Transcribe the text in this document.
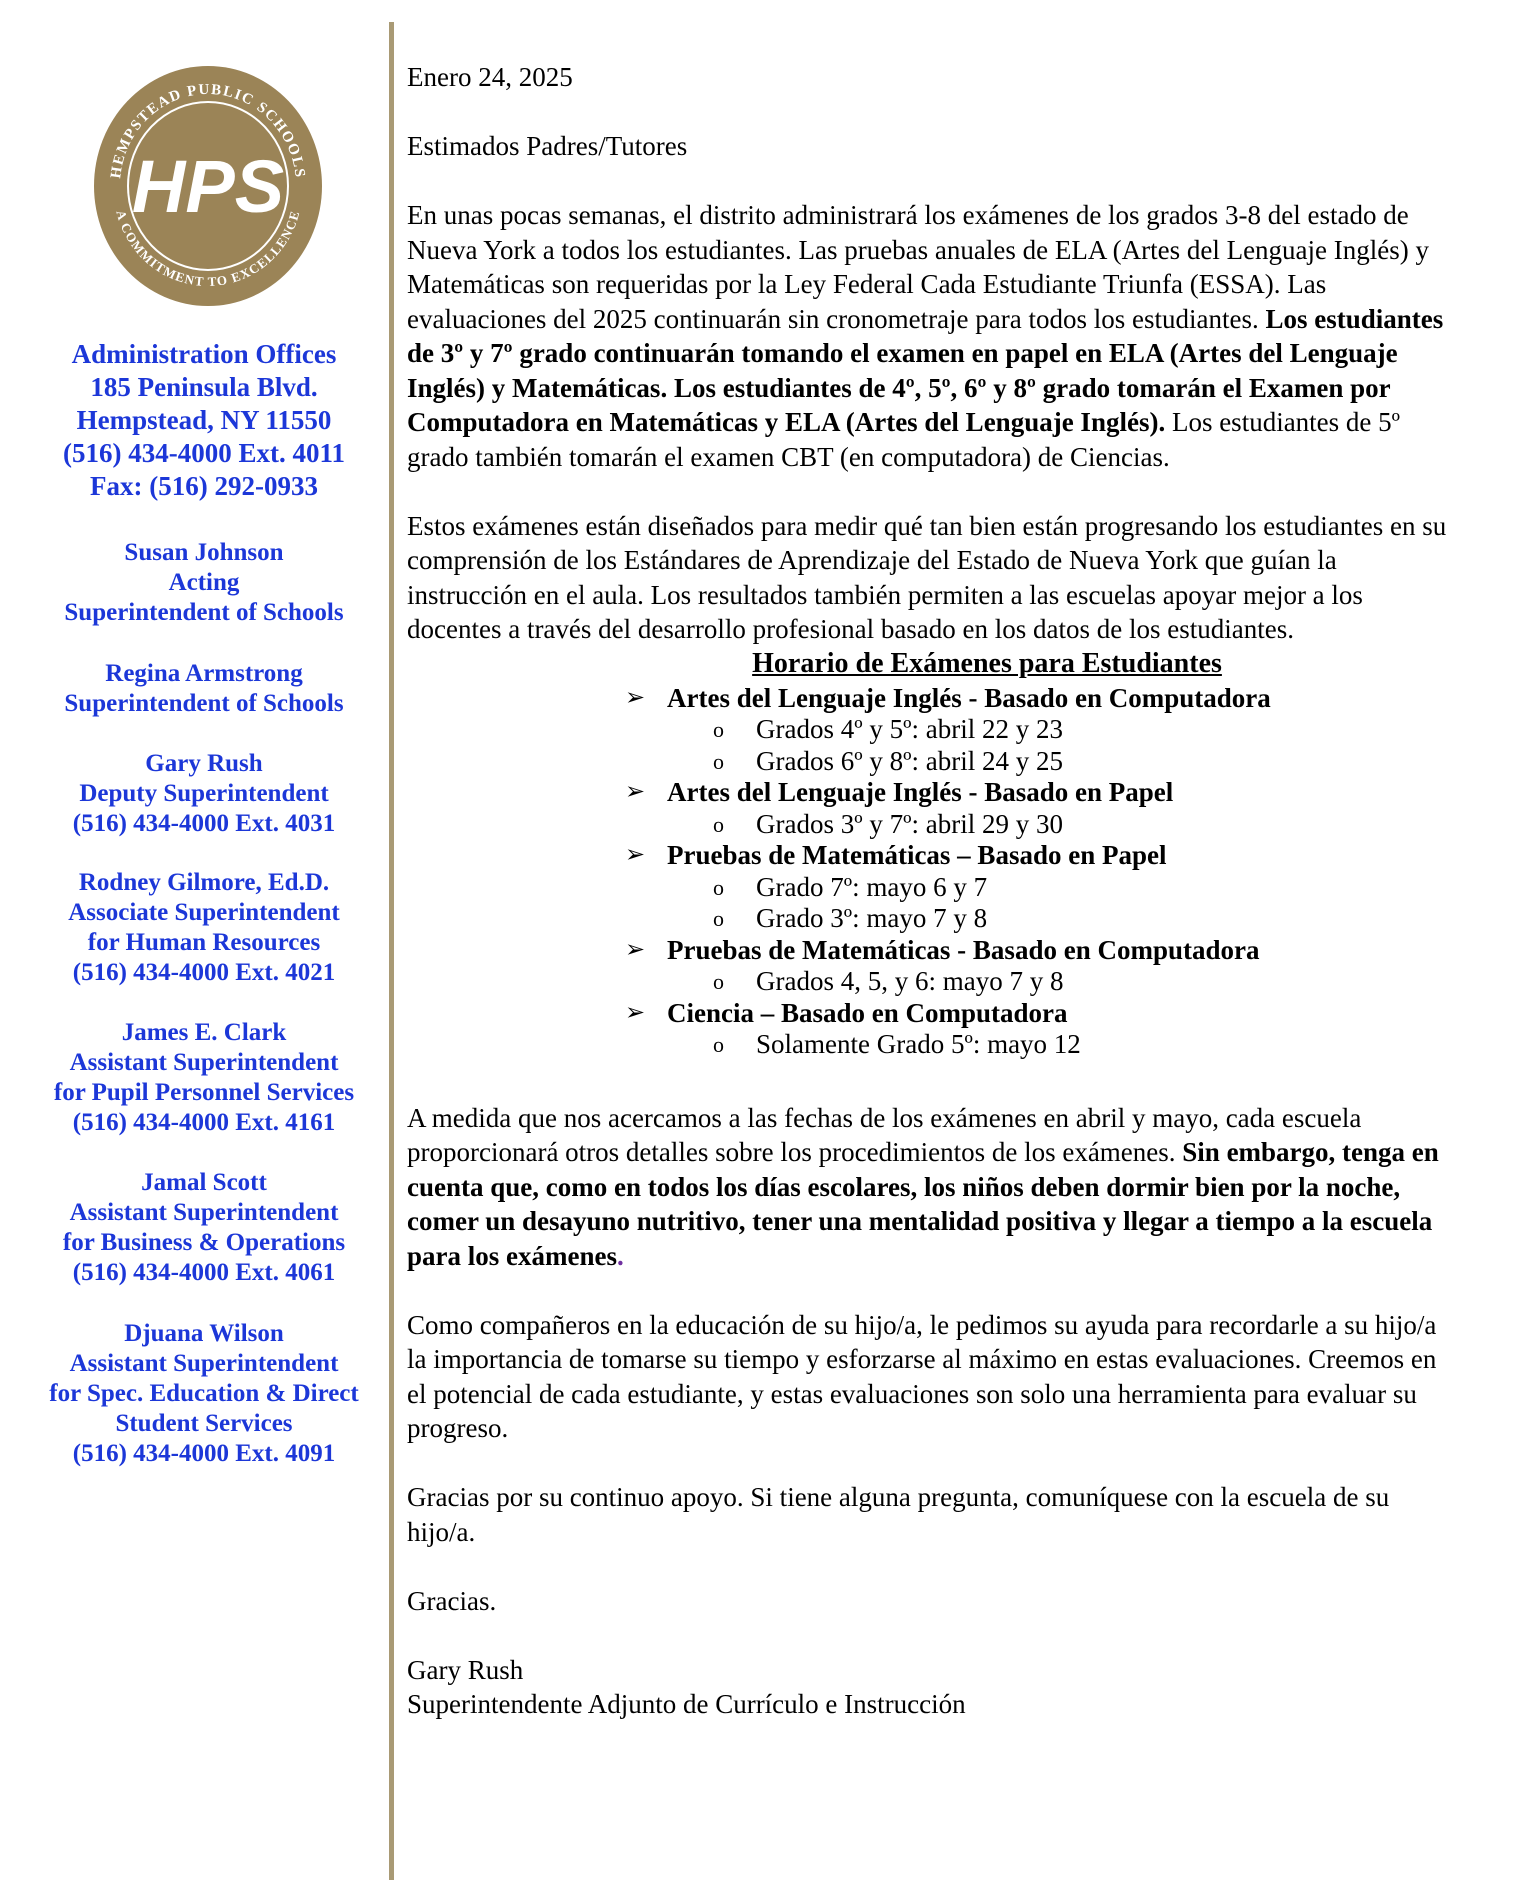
HEMPSTEAD PUBLIC SCHOOLS
A COMMITMENT TO EXCELLENCE
HPS
Administration Offices
185 Peninsula Blvd.
Hempstead, NY 11550
(516) 434-4000 Ext. 4011
Fax: (516) 292-0933
Susan Johnson
Acting
Superintendent of Schools
Regina Armstrong
Superintendent of Schools
Gary Rush
Deputy Superintendent
(516) 434-4000 Ext. 4031
Rodney Gilmore, Ed.D.
Associate Superintendent
for Human Resources
(516) 434-4000 Ext. 4021
James E. Clark
Assistant Superintendent
for Pupil Personnel Services
(516) 434-4000 Ext. 4161
Jamal Scott
Assistant Superintendent
for Business & Operations
(516) 434-4000 Ext. 4061
Djuana Wilson
Assistant Superintendent
for Spec. Education & Direct
Student Services
(516) 434-4000 Ext. 4091

Enero 24, 2025

Estimados Padres/Tutores

En unas pocas semanas, el distrito administrará los exámenes de los grados 3-8 del estado de Nueva York a todos los estudiantes. Las pruebas anuales de ELA (Artes del Lenguaje Inglés) y Matemáticas son requeridas por la Ley Federal Cada Estudiante Triunfa (ESSA). Las evaluaciones del 2025 continuarán sin cronometraje para todos los estudiantes. Los estudiantes de 3º y 7º grado continuarán tomando el examen en papel en ELA (Artes del Lenguaje Inglés) y Matemáticas. Los estudiantes de 4º, 5º, 6º y 8º grado tomarán el Examen por Computadora en Matemáticas y ELA (Artes del Lenguaje Inglés). Los estudiantes de 5º grado también tomarán el examen CBT (en computadora) de Ciencias.

Estos exámenes están diseñados para medir qué tan bien están progresando los estudiantes en su comprensión de los Estándares de Aprendizaje del Estado de Nueva York que guían la instrucción en el aula. Los resultados también permiten a las escuelas apoyar mejor a los docentes a través del desarrollo profesional basado en los datos de los estudiantes.

Horario de Exámenes para Estudiantes
➢ Artes del Lenguaje Inglés - Basado en Computadora
o Grados 4º y 5º: abril 22 y 23
o Grados 6º y 8º: abril 24 y 25
➢ Artes del Lenguaje Inglés - Basado en Papel
o Grados 3º y 7º: abril 29 y 30
➢ Pruebas de Matemáticas – Basado en Papel
o Grado 7º: mayo 6 y 7
o Grado 3º: mayo 7 y 8
➢ Pruebas de Matemáticas - Basado en Computadora
o Grados 4, 5, y 6: mayo 7 y 8
➢ Ciencia – Basado en Computadora
o Solamente Grado 5º: mayo 12

A medida que nos acercamos a las fechas de los exámenes en abril y mayo, cada escuela proporcionará otros detalles sobre los procedimientos de los exámenes. Sin embargo, tenga en cuenta que, como en todos los días escolares, los niños deben dormir bien por la noche, comer un desayuno nutritivo, tener una mentalidad positiva y llegar a tiempo a la escuela para los exámenes.

Como compañeros en la educación de su hijo/a, le pedimos su ayuda para recordarle a su hijo/a la importancia de tomarse su tiempo y esforzarse al máximo en estas evaluaciones. Creemos en el potencial de cada estudiante, y estas evaluaciones son solo una herramienta para evaluar su progreso.

Gracias por su continuo apoyo. Si tiene alguna pregunta, comuníquese con la escuela de su hijo/a.

Gracias.

Gary Rush

Superintendente Adjunto de Currículo e Instrucción
